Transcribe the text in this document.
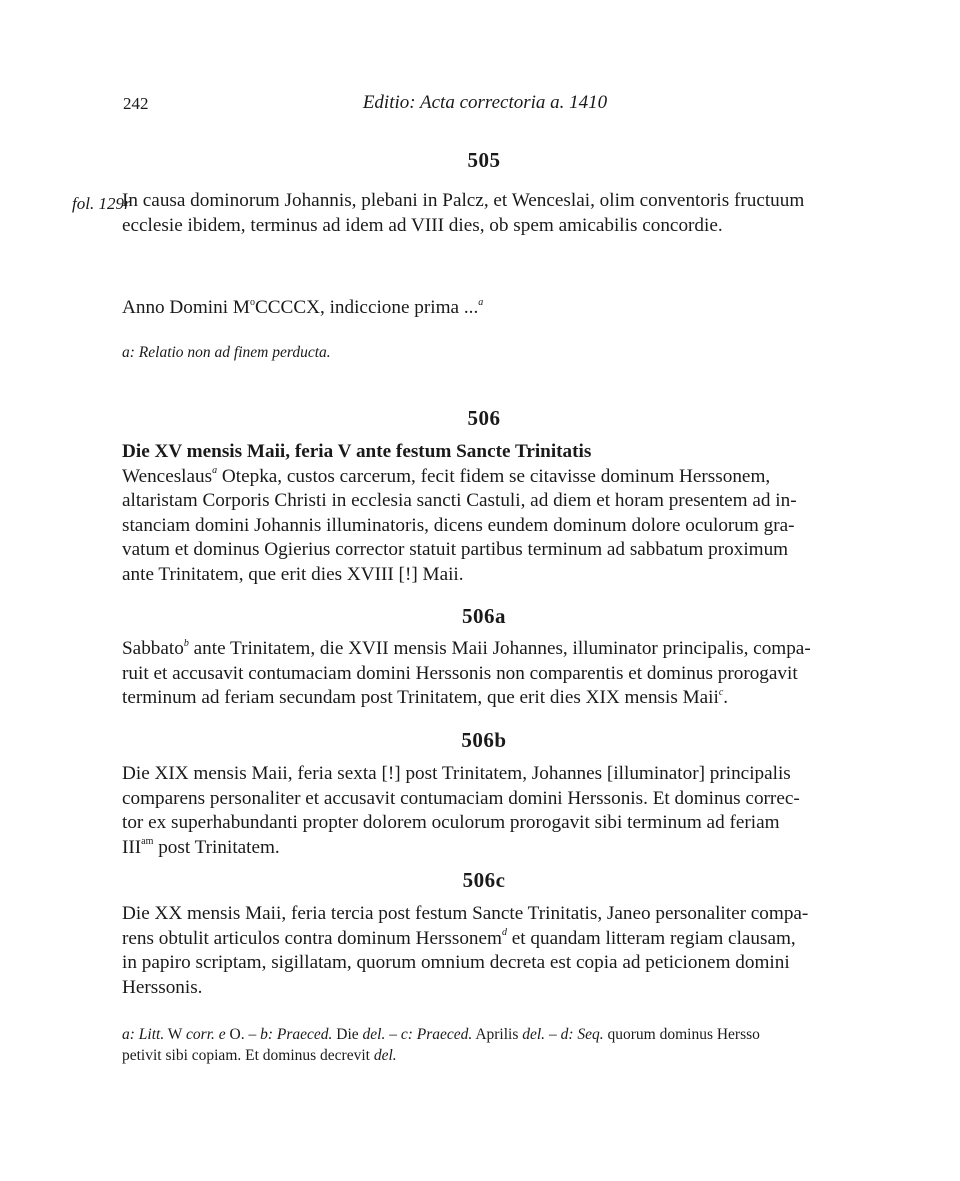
242	Editio: Acta correctoria a. 1410
505
fol. 129r
In causa dominorum Johannis, plebani in Palcz, et Wenceslai, olim conventoris fructuum
ecclesie ibidem, terminus ad idem ad VIII dies, ob spem amicabilis concordie.
Anno Domini $M^oCCCCX$, indiccione prima ...$^a$
a: Relatio non ad finem perducta.
506
Die XV mensis Maii, feria V ante festum Sancte Trinitatis
Wenceslaus$^a$ Otepka, custos carcerum, fecit fidem se citavisse dominum Herssonem,
altaristam Corporis Christi in ecclesia sancti Castuli, ad diem et horam presentem ad in-
stanciam domini Johannis illuminatoris, dicens eundem dominum dolore oculorum gra-
vatum et dominus Ogierius corrector statuit partibus terminum ad sabbatum proximum
ante Trinitatem, que erit dies XVIII [!] Maii.
506a
Sabbato$^b$ ante Trinitatem, die XVII mensis Maii Johannes, illuminator principalis, compa-
ruit et accusavit contumaciam domini Herssonis non comparentis et dominus prorogavit
terminum ad feriam secundam post Trinitatem, que erit dies XIX mensis Maii$^c$.
506b
Die XIX mensis Maii, feria sexta [!] post Trinitatem, Johannes [illuminator] principalis
comparens personaliter et accusavit contumaciam domini Herssonis. Et dominus correc-
tor ex superhabundanti propter dolorem oculorum prorogavit sibi terminum ad feriam
$III^{am}$ post Trinitatem.
506c
Die XX mensis Maii, feria tercia post festum Sancte Trinitatis, Janeo personaliter compa-
rens obtulit articulos contra dominum Herssonem$^d$ et quandam litteram regiam clausam,
in papiro scriptam, sigillatam, quorum omnium decreta est copia ad peticionem domini
Herssonis.
a: Litt. W corr. e O. – b: Praeced. Die del. – c: Praeced. Aprilis del. – d: Seq. quorum dominus Hersso
petivit sibi copiam. Et dominus decrevit del.
